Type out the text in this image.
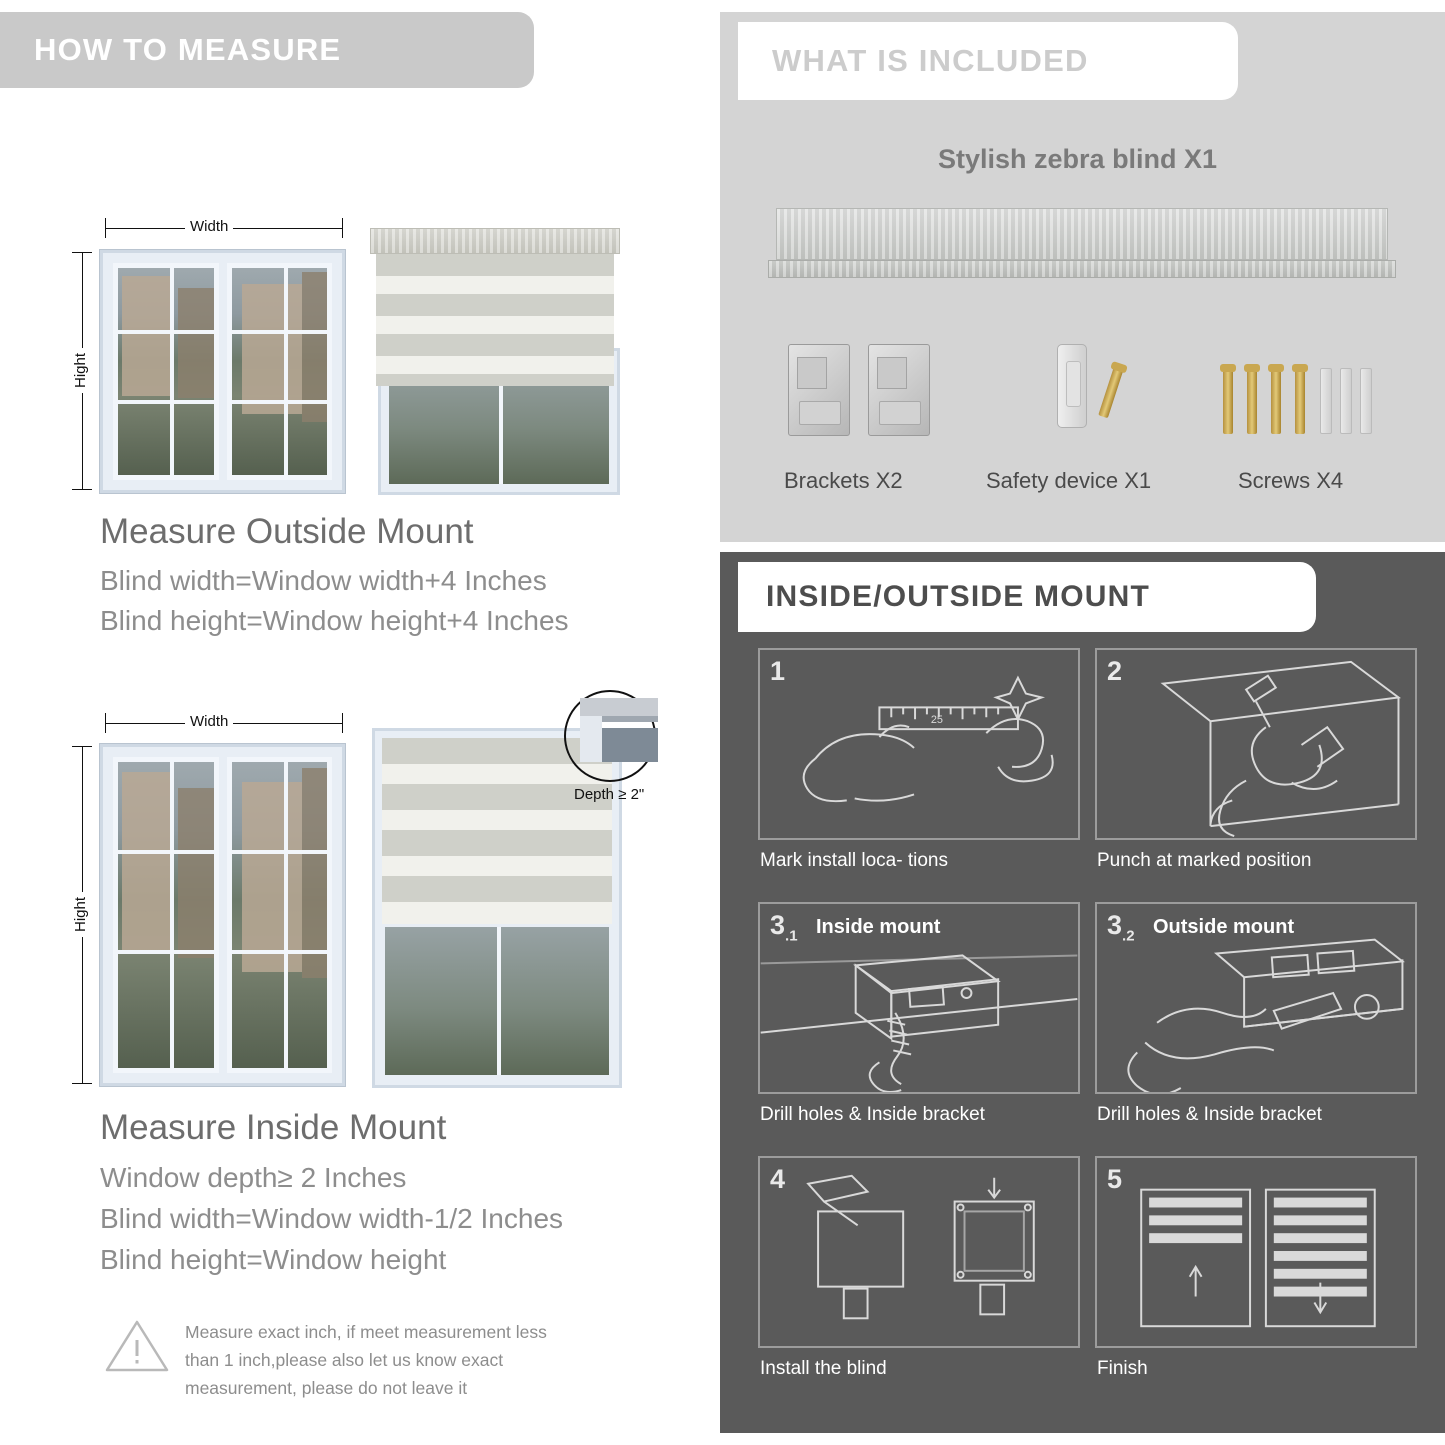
HOW TO MEASURE
Width
Hight
Measure Outside Mount
Blind width=Window width+4 Inches
Blind height=Window height+4 Inches
Width
Hight
Depth ≥ 2"
Measure Inside Mount
Window depth≥ 2 Inches
Blind width=Window width-1/2 Inches
Blind height=Window height
Measure exact inch, if meet measurement less
than 1 inch,please also let us know exact
measurement, please do not leave it
WHAT IS INCLUDED
Stylish zebra blind X1
Brackets X2	Safety device X1	Screws X4
INSIDE/OUTSIDE MOUNT
1
25
Mark install loca- tions
2
Punch at marked position
$3_{.1}$ Inside mount
Drill holes & Inside bracket
$3_{.2}$ Outside mount
Drill holes & Inside bracket
4
Install the blind
5
Finish
